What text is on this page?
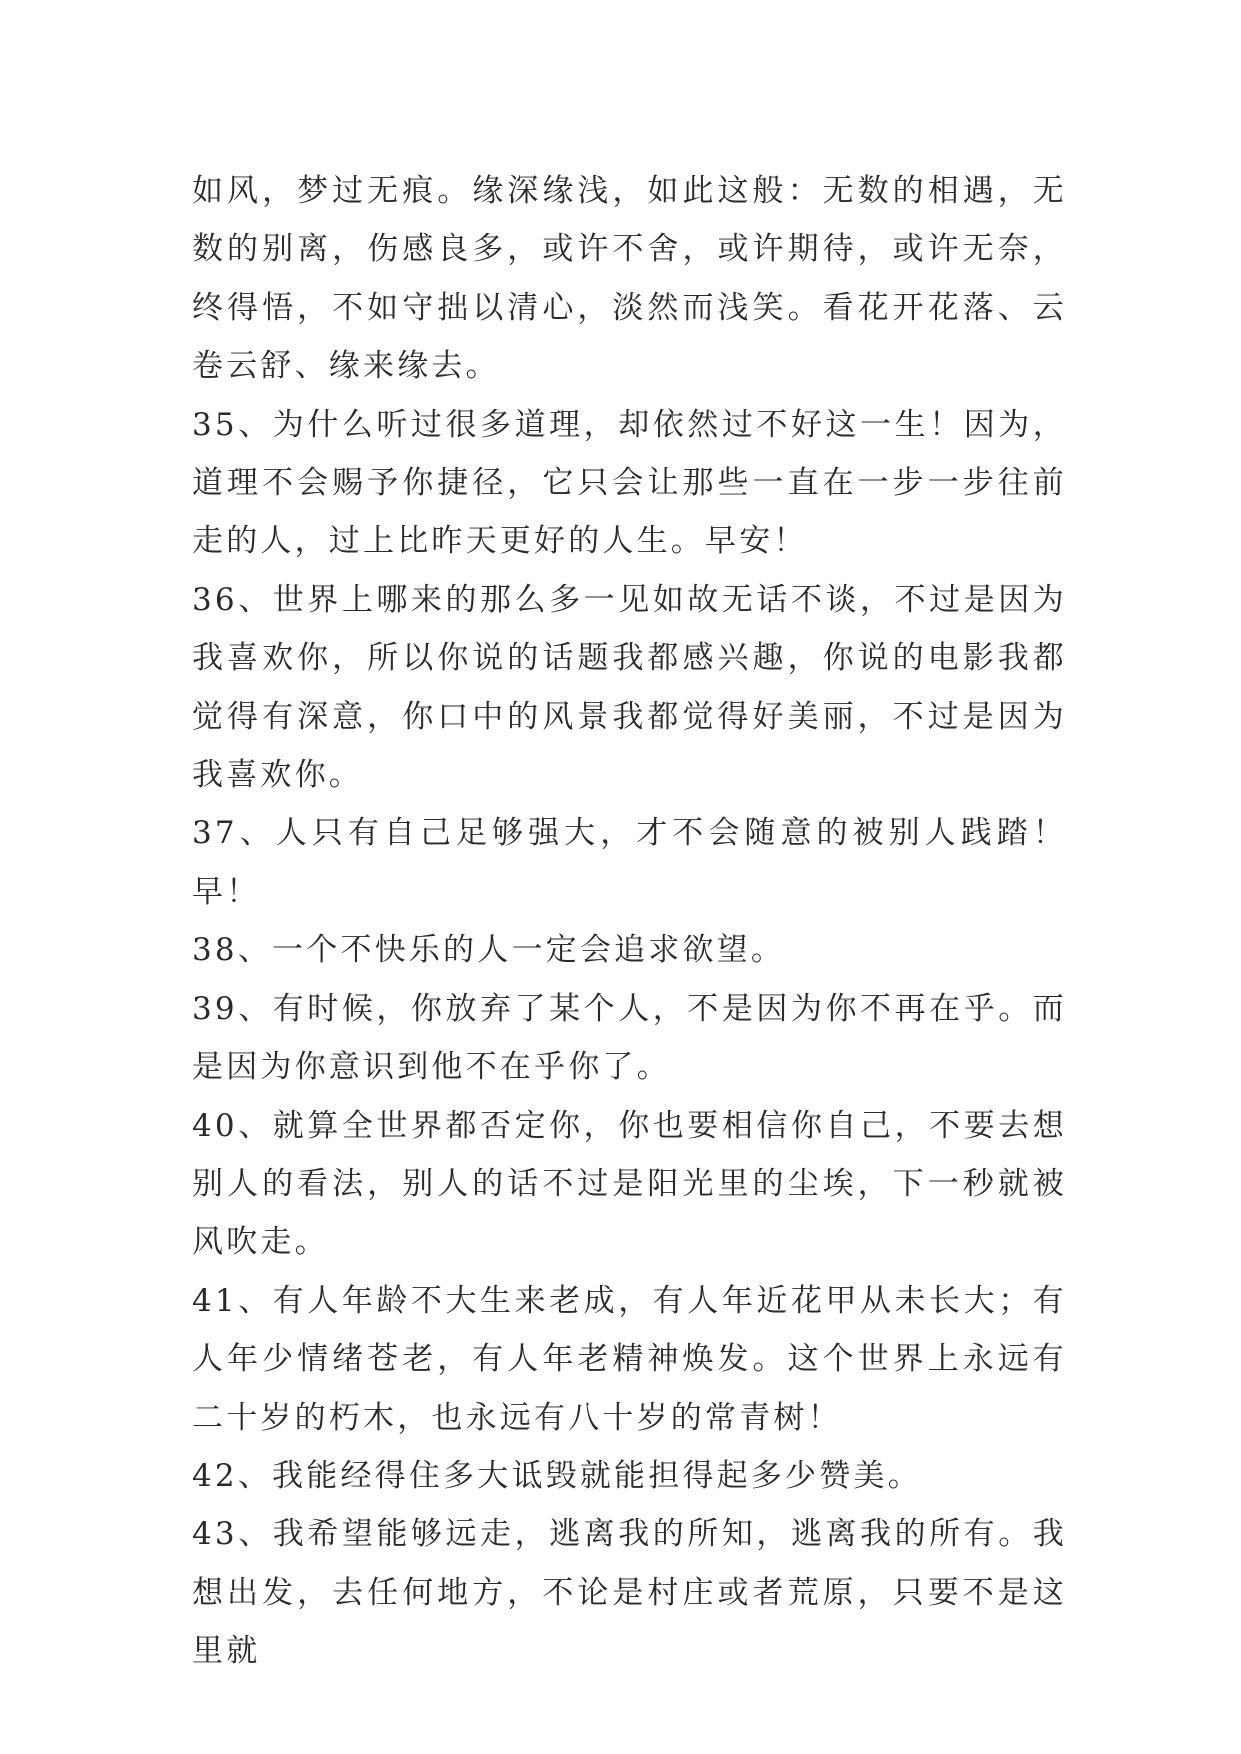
如风，梦过无痕。缘深缘浅，如此这般：无数的相遇，无数的别离，伤感良多，或许不舍，或许期待，或许无奈， 终得悟，不如守拙以清心，淡然而浅笑。看花开花落、云卷云舒、缘来缘去。

35、为什么听过很多道理，却依然过不好这一生！因为，道理不会赐予你捷径，它只会让那些一直在一步一步往前走的人，过上比昨天更好的人生。早安！

36、世界上哪来的那么多一见如故无话不谈，不过是因为我喜欢你，所以你说的话题我都感兴趣，你说的电影我都觉得有深意，你口中的风景我都觉得好美丽，不过是因为我喜欢你。

37、人只有自己足够强大，才不会随意的被别人践踏！早！

38、一个不快乐的人一定会追求欲望。

39、有时候，你放弃了某个人，不是因为你不再在乎。而是因为你意识到他不在乎你了。

40、就算全世界都否定你，你也要相信你自己，不要去想别人的看法，别人的话不过是阳光里的尘埃，下一秒就被风吹走。

41、有人年龄不大生来老成，有人年近花甲从未长大；有人年少情绪苍老，有人年老精神焕发。这个世界上永远有二十岁的朽木，也永远有八十岁的常青树！

42、我能经得住多大诋毁就能担得起多少赞美。

43、我希望能够远走，逃离我的所知，逃离我的所有。我想出发，去任何地方，不论是村庄或者荒原，只要不是这里就
